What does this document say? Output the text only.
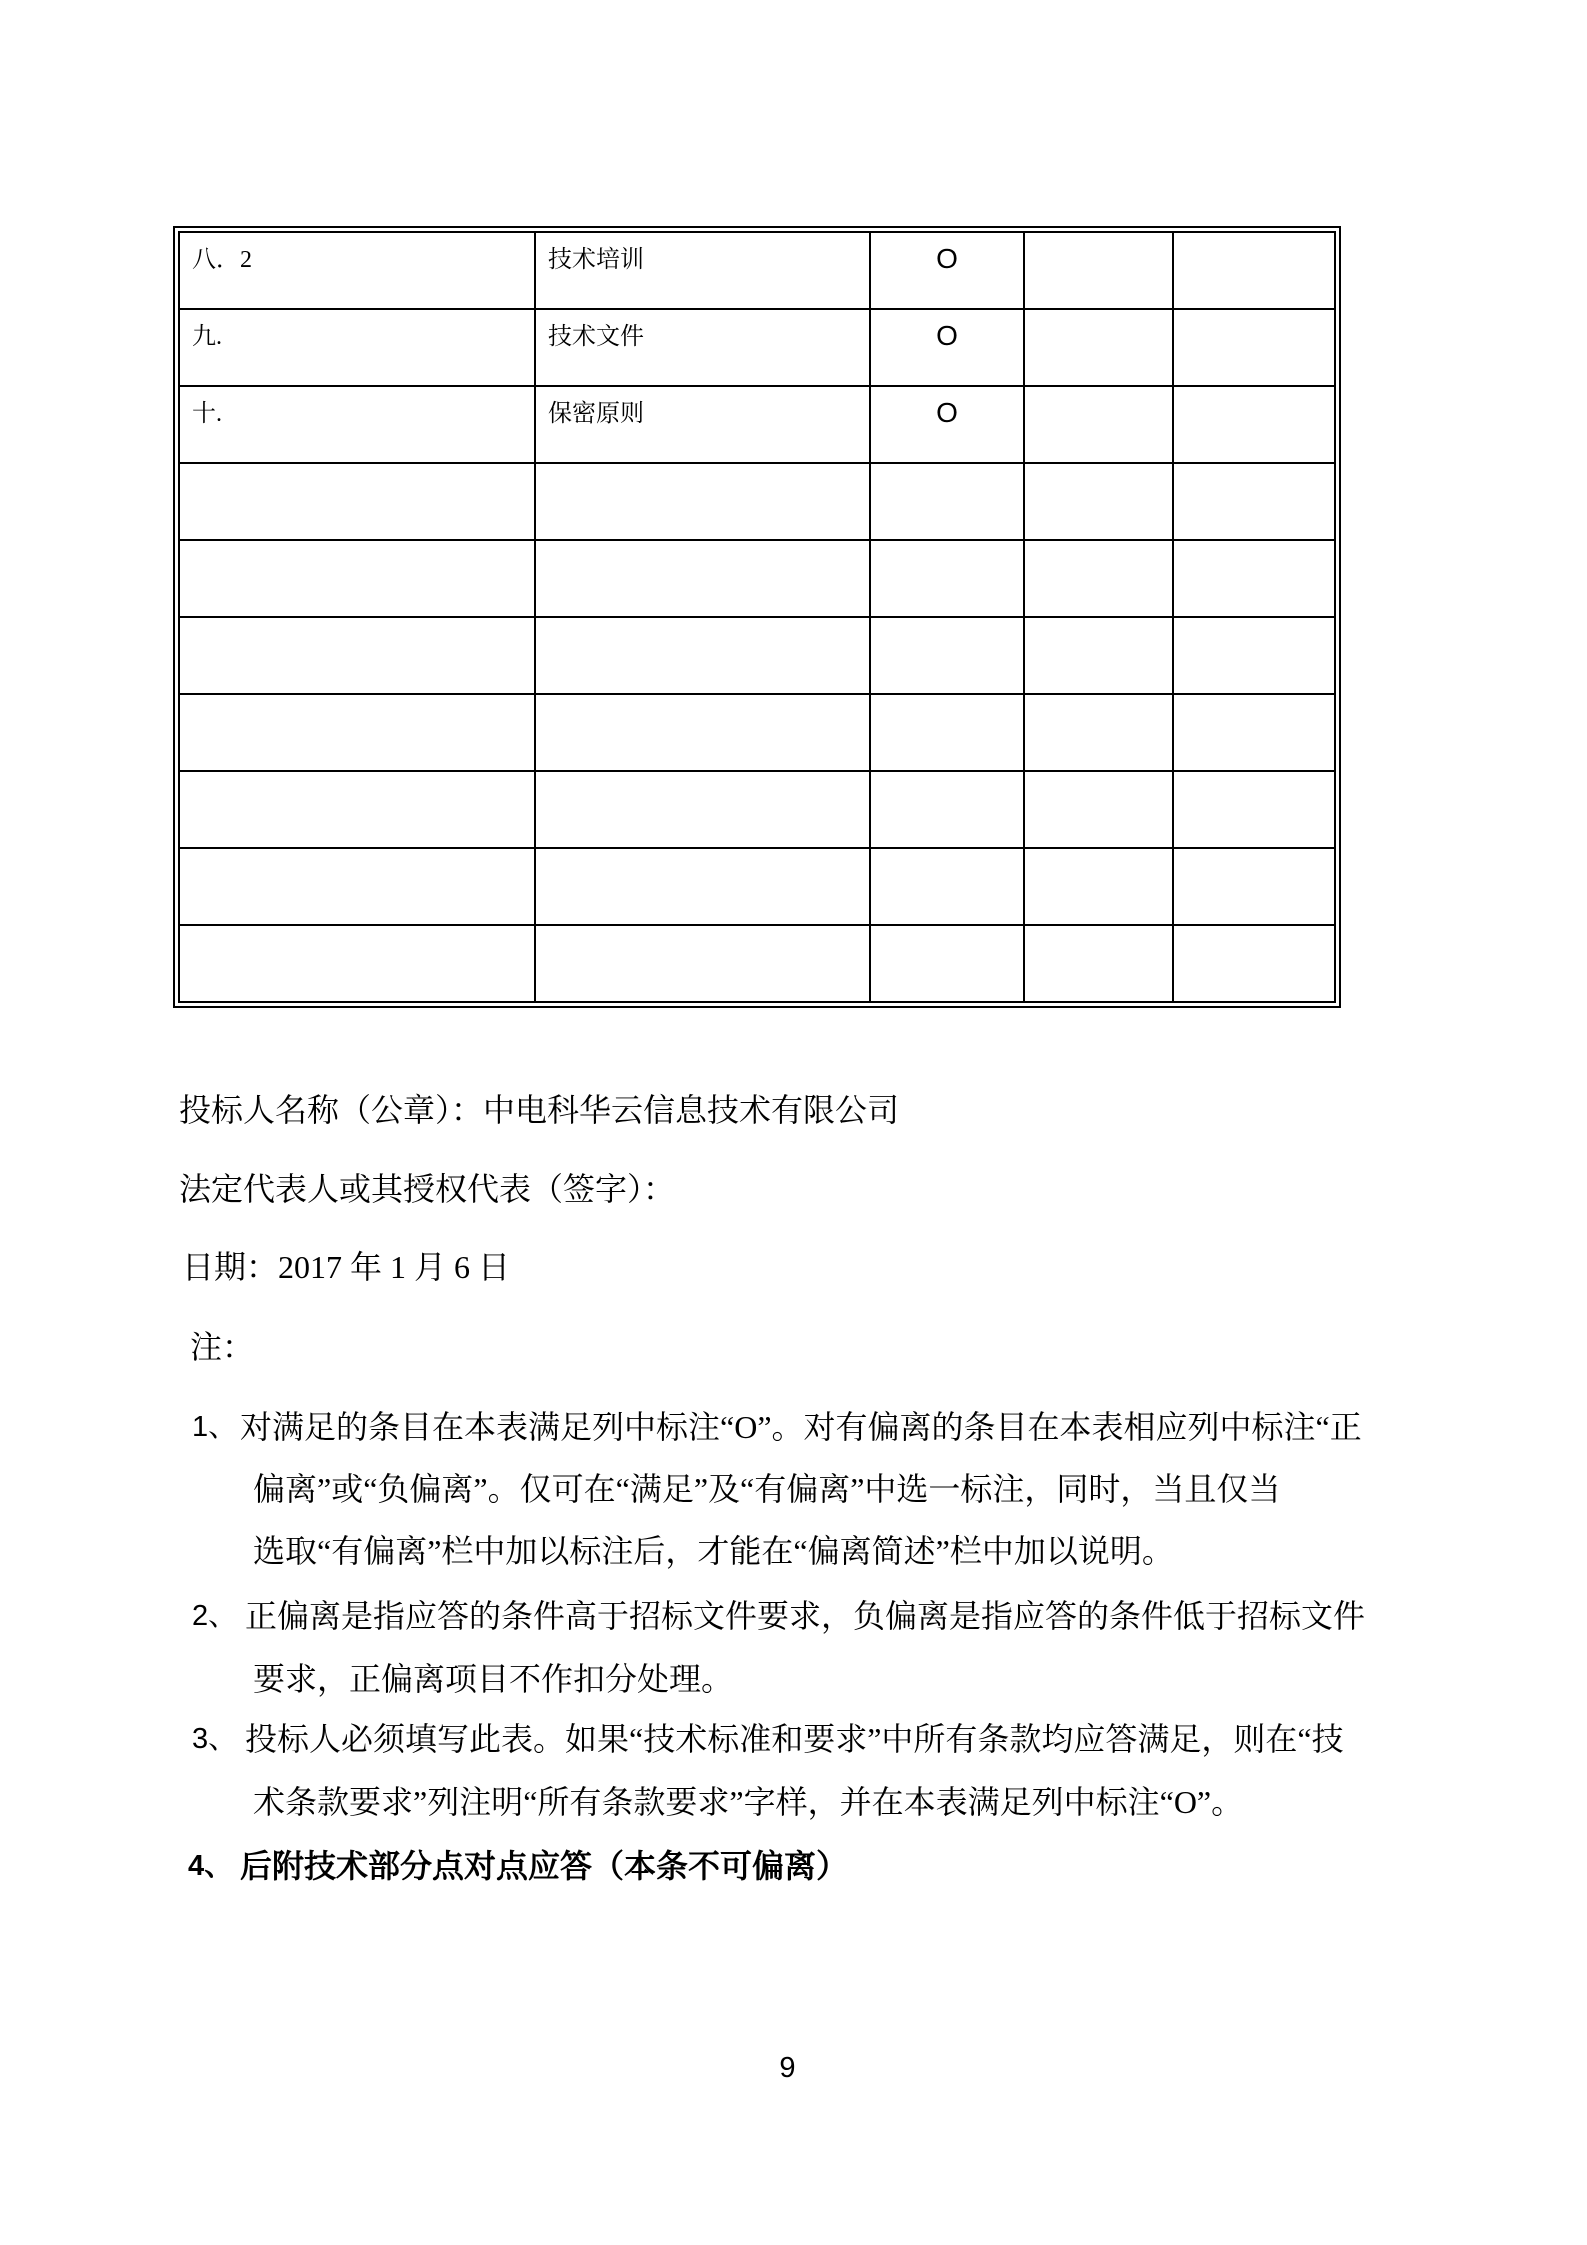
八．2	技术培训	O		
九.	技术文件	O		
十.	保密原则	O		

投标人名称（公章）：中电科华云信息技术有限公司
法定代表人或其授权代表（签字）：
日期：2017 年 1 月 6 日
注：
1、 对满足的条目在本表满足列中标注“O”。对有偏离的条目在本表相应列中标注“正
偏离”或“负偏离”。仅可在“满足”及“有偏离”中选一标注，同时，当且仅当
选取“有偏离”栏中加以标注后，才能在“偏离简述”栏中加以说明。
2、 正偏离是指应答的条件高于招标文件要求，负偏离是指应答的条件低于招标文件
要求，正偏离项目不作扣分处理。
3、 投标人必须填写此表。如果“技术标准和要求”中所有条款均应答满足，则在“技
术条款要求”列注明“所有条款要求”字样，并在本表满足列中标注“O”。
4、 后附技术部分点对点应答（本条不可偏离）
9
